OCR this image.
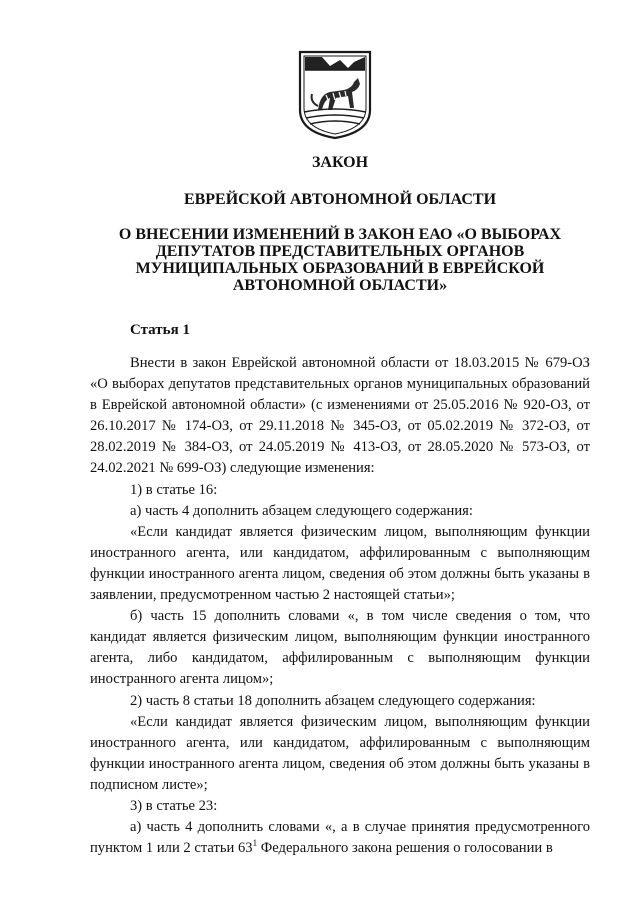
ЗАКОН
ЕВРЕЙСКОЙ АВТОНОМНОЙ ОБЛАСТИ
О ВНЕСЕНИИ ИЗМЕНЕНИЙ В ЗАКОН ЕАО «О ВЫБОРАХ ДЕПУТАТОВ ПРЕДСТАВИТЕЛЬНЫХ ОРГАНОВ МУНИЦИПАЛЬНЫХ ОБРАЗОВАНИЙ В ЕВРЕЙСКОЙ АВТОНОМНОЙ ОБЛАСТИ»
Статья 1

Внести в закон Еврейской автономной области от 18.03.2015 № 679-ОЗ «О выборах депутатов представительных органов муниципальных образований в Еврейской автономной области» (с изменениями от 25.05.2016 № 920-ОЗ, от 26.10.2017 № 174-ОЗ, от 29.11.2018 № 345-ОЗ, от 05.02.2019 № 372-ОЗ, от 28.02.2019 № 384-ОЗ, от 24.05.2019 № 413-ОЗ, от 28.05.2020 № 573-ОЗ, от 24.02.2021 № 699-ОЗ) следующие изменения:

1) в статье 16:

а) часть 4 дополнить абзацем следующего содержания:

«Если кандидат является физическим лицом, выполняющим функции иностранного агента, или кандидатом, аффилированным с выполняющим функции иностранного агента лицом, сведения об этом должны быть указаны в заявлении, предусмотренном частью 2 настоящей статьи»;

б) часть 15 дополнить словами «, в том числе сведения о том, что кандидат является физическим лицом, выполняющим функции иностранного агента, либо кандидатом, аффилированным с выполняющим функции иностранного агента лицом»;

2) часть 8 статьи 18 дополнить абзацем следующего содержания:

«Если кандидат является физическим лицом, выполняющим функции иностранного агента, или кандидатом, аффилированным с выполняющим функции иностранного агента лицом, сведения об этом должны быть указаны в подписном листе»;

3) в статье 23:

а) часть 4 дополнить словами «, а в случае принятия предусмотренного пунктом 1 или 2 статьи $63^1$ Федерального закона решения о голосовании в
